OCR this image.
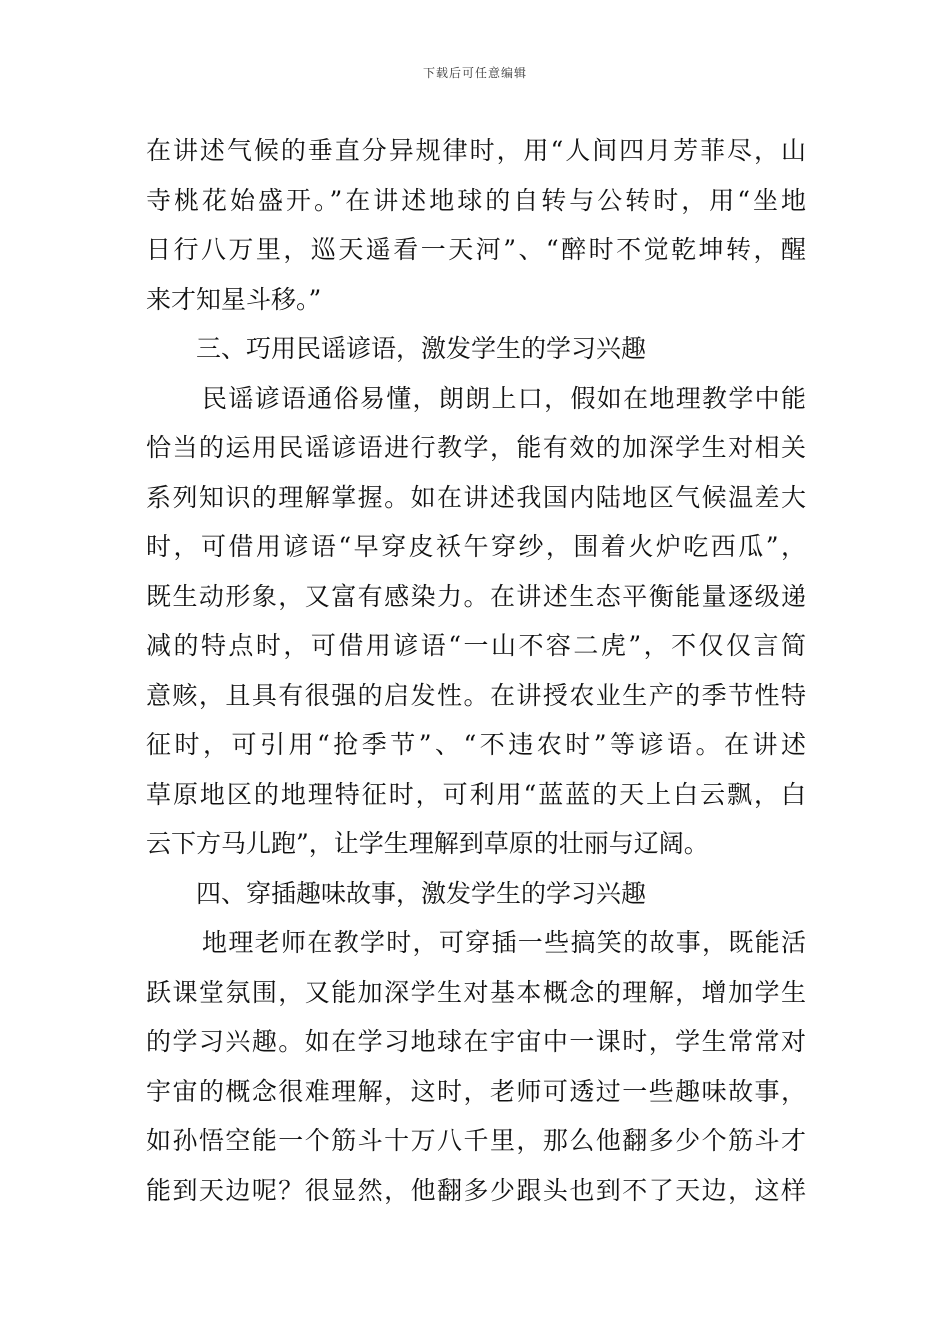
下载后可任意编辑
在讲述气候的垂直分异规律时，用“人间四月芳菲尽，山
寺桃花始盛开。”在讲述地球的自转与公转时，用“坐地
日行八万里，巡天遥看一天河”、“醉时不觉乾坤转，醒
来才知星斗移。”
三、巧用民谣谚语，激发学生的学习兴趣
民谣谚语通俗易懂，朗朗上口，假如在地理教学中能
恰当的运用民谣谚语进行教学，能有效的加深学生对相关
系列知识的理解掌握。如在讲述我国内陆地区气候温差大
时，可借用谚语“早穿皮袄午穿纱，围着火炉吃西瓜”，
既生动形象，又富有感染力。在讲述生态平衡能量逐级递
减的特点时，可借用谚语“一山不容二虎”，不仅仅言简
意赅，且具有很强的启发性。在讲授农业生产的季节性特
征时，可引用“抢季节”、“不违农时”等谚语。在讲述
草原地区的地理特征时，可利用“蓝蓝的天上白云飘，白
云下方马儿跑”，让学生理解到草原的壮丽与辽阔。
四、穿插趣味故事，激发学生的学习兴趣
地理老师在教学时，可穿插一些搞笑的故事，既能活
跃课堂氛围，又能加深学生对基本概念的理解，增加学生
的学习兴趣。如在学习地球在宇宙中一课时，学生常常对
宇宙的概念很难理解，这时，老师可透过一些趣味故事，
如孙悟空能一个筋斗十万八千里，那么他翻多少个筋斗才
能到天边呢？很显然，他翻多少跟头也到不了天边，这样
